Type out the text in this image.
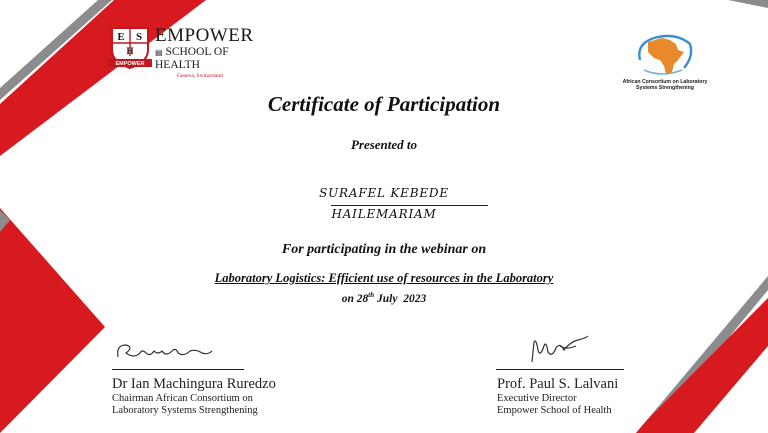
E S
H
EMPOWER
EMPOWER
▤ SCHOOL OF HEALTH
Geneva, Switzerland
African Consortium on Laboratory
Systems Strengthening
Certificate of Participation
Presented to
SURAFEL KEBEDE
HAILEMARIAM
For participating in the webinar on
Laboratory Logistics: Efficient use of resources in the Laboratory
on 28th July  2023
Dr Ian Machingura Ruredzo
Chairman African Consortium on
Laboratory Systems Strengthening
Prof. Paul S. Lalvani
Executive Director
Empower School of Health
